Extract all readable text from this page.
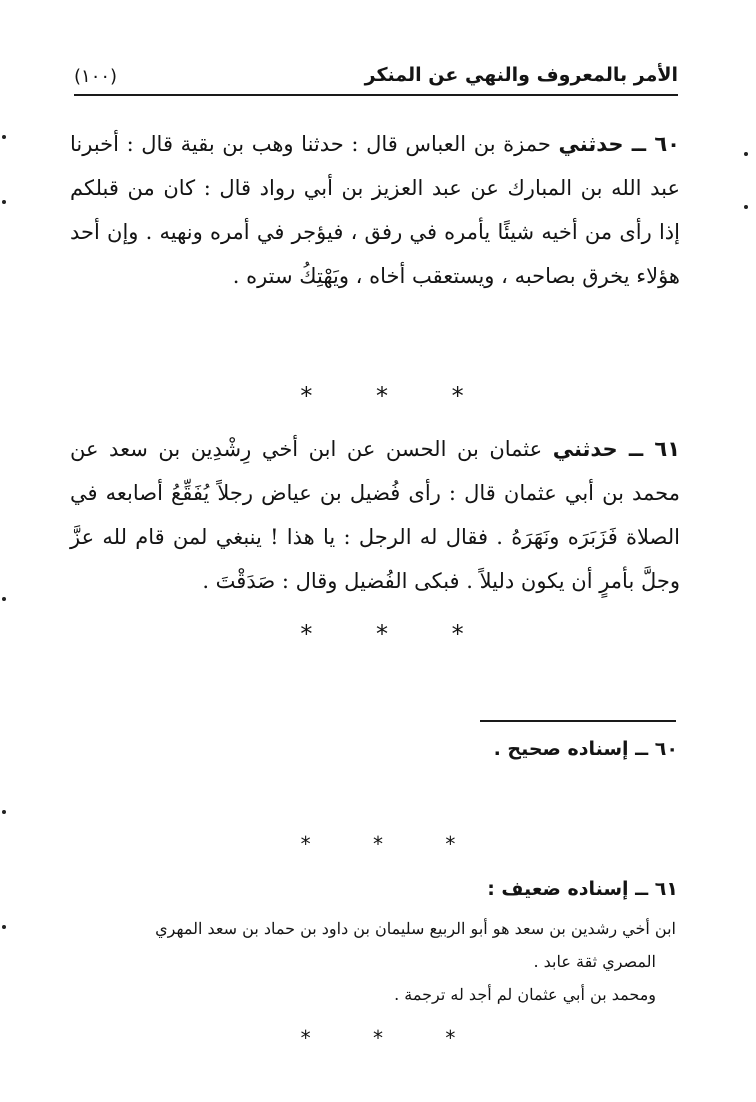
الأمر بالمعروف والنهي عن المنكر
(١٠٠)
٦٠ ــ حدثني حمزة بن العباس قال : حدثنا وهب بن بقية قال : أخبرنا عبد الله بن المبارك عن عبد العزيز بن أبي رواد قال : كان من قبلكم إذا رأى من أخيه شيئًا يأمره في رفق ، فيؤجر في أمره ونهيه . وإن أحد هؤلاء يخرق بصاحبه ، ويستعقب أخاه ، ويَهْتِكُ ستره .
* * *
٦١ ــ حدثني عثمان بن الحسن عن ابن أخي رِشْدِين بن سعد عن محمد بن أبي عثمان قال : رأى فُضيل بن عياض رجلاً يُفَقِّعُ أصابعه في الصلاة فَزَبَرَه ونَهَرَهُ . فقال له الرجل : يا هذا ! ينبغي لمن قام لله عزَّ وجلَّ بأمرٍ أن يكون دليلاً . فبكى الفُضيل وقال : صَدَقْتَ .
* * *
٦٠ ــ إسناده صحيح .
* * *
٦١ ــ إسناده ضعيف :
ابن أخي رشدين بن سعد هو أبو الربيع سليمان بن داود بن حماد بن سعد المهري
المصري ثقة عابد .
ومحمد بن أبي عثمان لم أجد له ترجمة .
* * *
